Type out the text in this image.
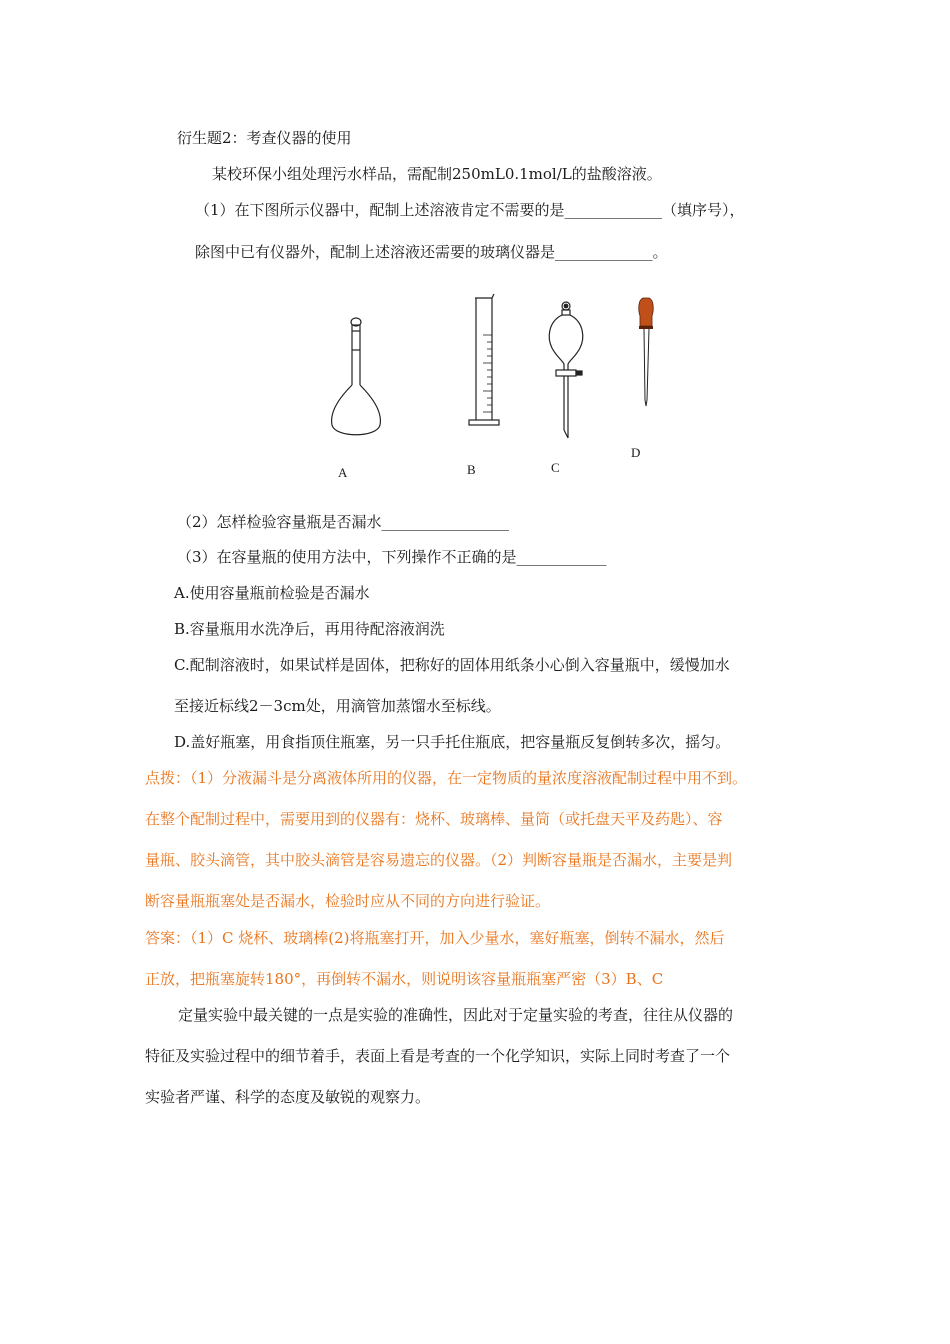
衍生题2：考查仪器的使用
某校环保小组处理污水样品，需配制250mL0.1mol/L的盐酸溶液。
（1）在下图所示仪器中，配制上述溶液肯定不需要的是_____________（填序号），
除图中已有仪器外，配制上述溶液还需要的玻璃仪器是_____________。
A	B	C
D
（2）怎样检验容量瓶是否漏水_________________
（3）在容量瓶的使用方法中，下列操作不正确的是____________
A.使用容量瓶前检验是否漏水
B.容量瓶用水洗净后，再用待配溶液润洗
C.配制溶液时，如果试样是固体，把称好的固体用纸条小心倒入容量瓶中，缓慢加水
至接近标线2－3cm处，用滴管加蒸馏水至标线。
D.盖好瓶塞，用食指顶住瓶塞，另一只手托住瓶底，把容量瓶反复倒转多次，摇匀。
点拨：（1）分液漏斗是分离液体所用的仪器，在一定物质的量浓度溶液配制过程中用不到。
在整个配制过程中，需要用到的仪器有：烧杯、玻璃棒、量筒（或托盘天平及药匙）、容
量瓶、胶头滴管，其中胶头滴管是容易遗忘的仪器。（2）判断容量瓶是否漏水，主要是判
断容量瓶瓶塞处是否漏水，检验时应从不同的方向进行验证。
答案：（1）C 烧杯、玻璃棒(2)将瓶塞打开，加入少量水，塞好瓶塞，倒转不漏水，然后
正放，把瓶塞旋转180°，再倒转不漏水，则说明该容量瓶瓶塞严密（3）B、C
定量实验中最关键的一点是实验的准确性，因此对于定量实验的考查，往往从仪器的
特征及实验过程中的细节着手，表面上看是考查的一个化学知识，实际上同时考查了一个
实验者严谨、科学的态度及敏锐的观察力。
